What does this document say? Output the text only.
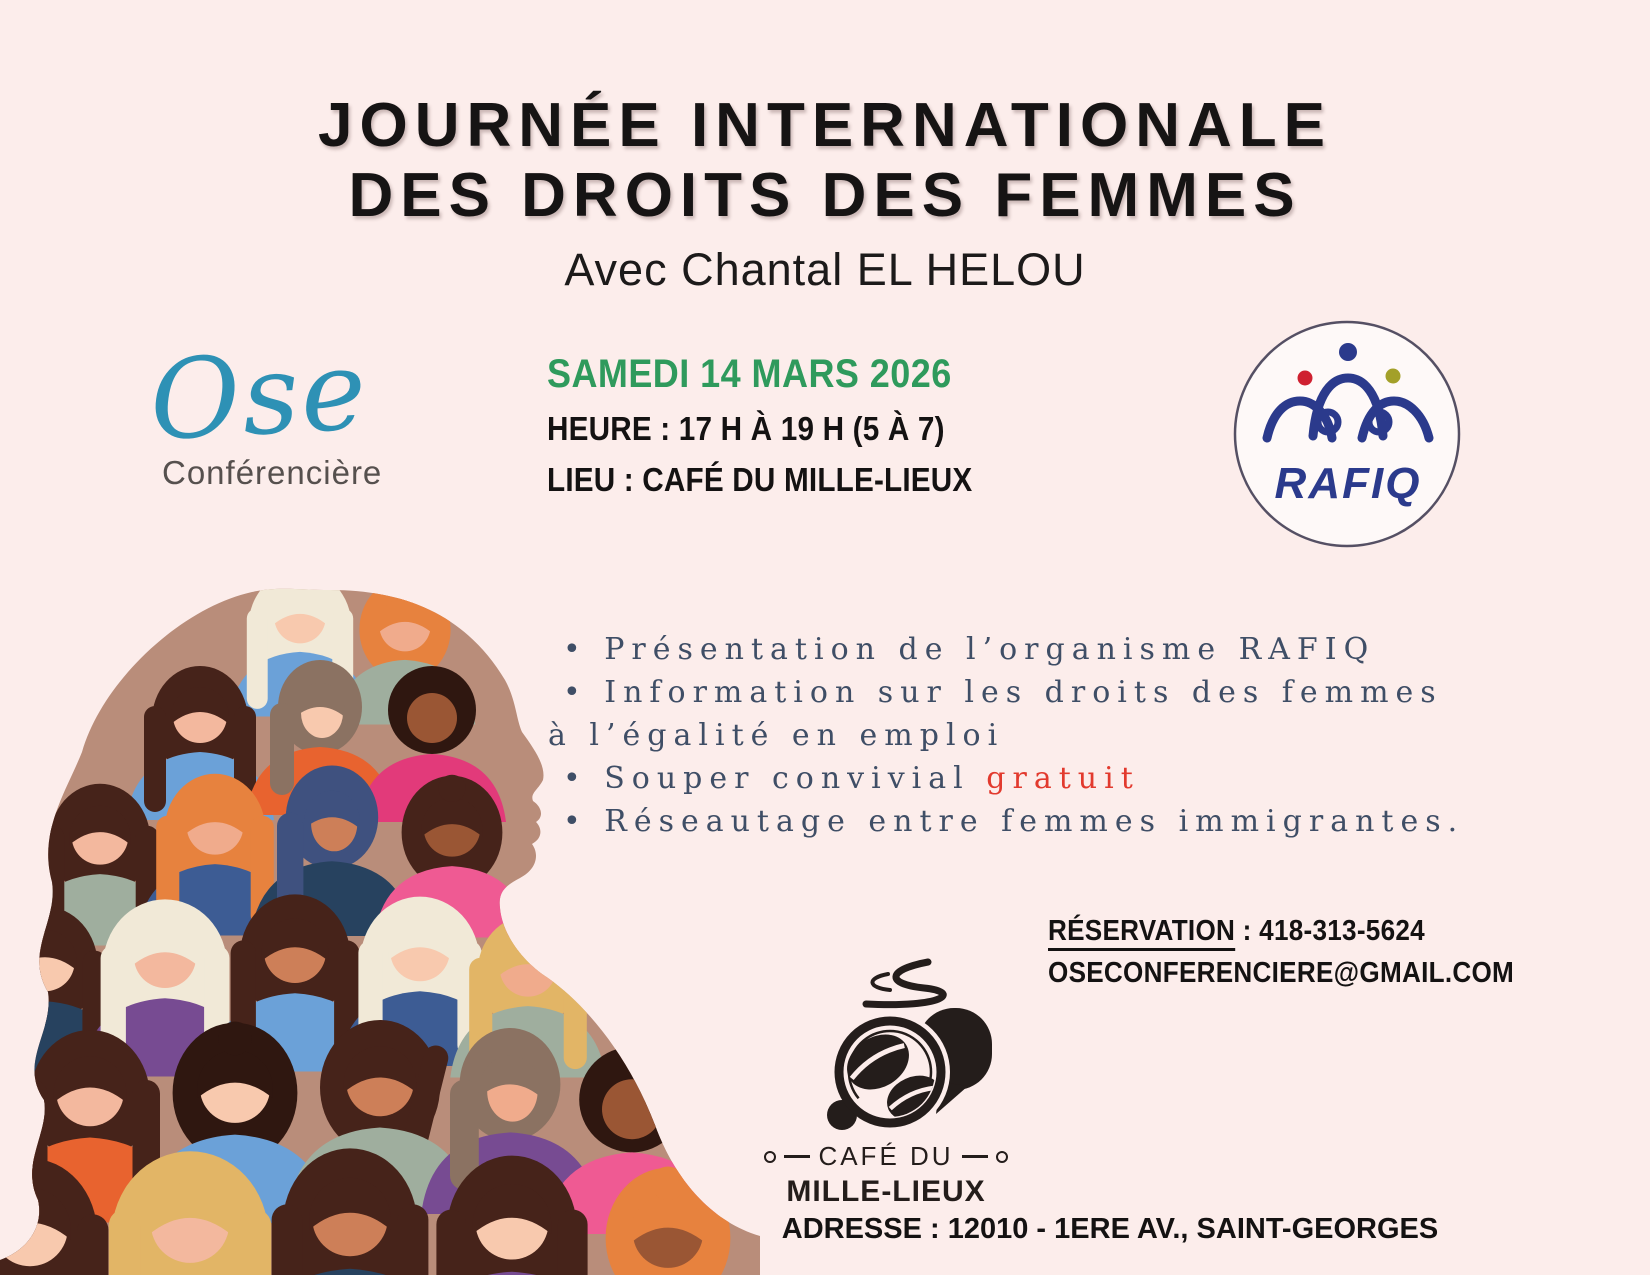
JOURNÉE INTERNATIONALE
DES DROITS DES FEMMES
Avec Chantal EL HELOU
Ose
Conférencière
SAMEDI 14 MARS 2026
HEURE : 17 H À 19 H (5 À 7)
LIEU : CAFÉ DU MILLE-LIEUX	RAFIQ
• Présentation de l’organisme RAFIQ
• Information sur les droits des femmes
à l’égalité en emploi
• Souper convivial gratuit
• Réseautage entre femmes immigrantes.
RÉSERVATION : 418-313-5624
OSECONFERENCIERE@GMAIL.COM
CAFÉ DU
MILLE-LIEUX
ADRESSE : 12010 - 1ERE AV., SAINT-GEORGES
